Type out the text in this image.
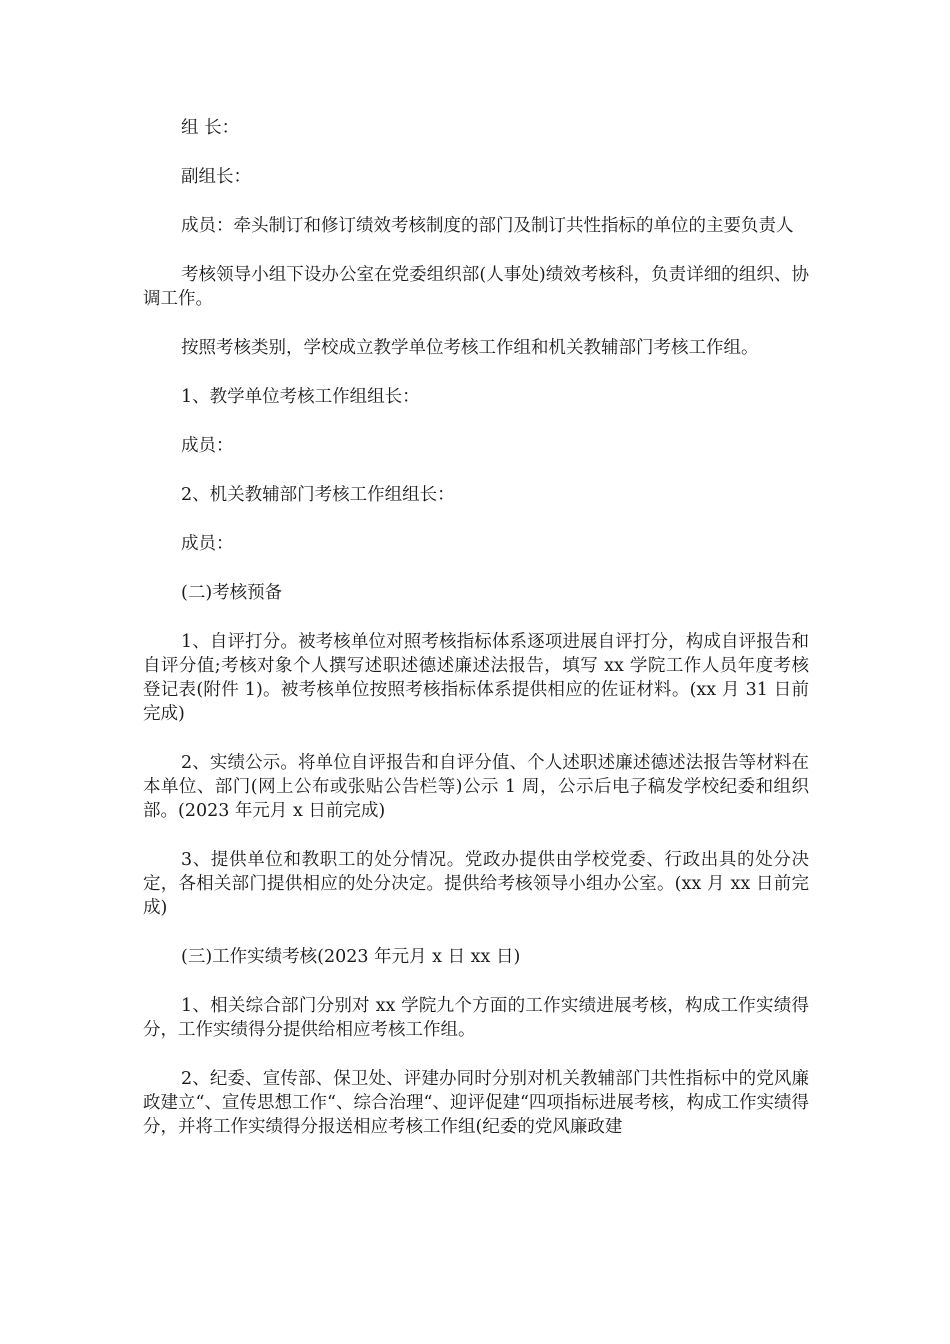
组 长：

副组长：

成员：牵头制订和修订绩效考核制度的部门及制订共性指标的单位的主要负责人

考核领导小组下设办公室在党委组织部(人事处)绩效考核科，负责详细的组织、协调工作。

按照考核类别，学校成立教学单位考核工作组和机关教辅部门考核工作组。

1、教学单位考核工作组组长：

成员：

2、机关教辅部门考核工作组组长：

成员：

(二)考核预备

1、自评打分。被考核单位对照考核指标体系逐项进展自评打分，构成自评报告和自评分值;考核对象个人撰写述职述德述廉述法报告，填写 xx 学院工作人员年度考核登记表(附件 1)。被考核单位按照考核指标体系提供相应的佐证材料。(xx 月 31 日前完成)

2、实绩公示。将单位自评报告和自评分值、个人述职述廉述德述法报告等材料在本单位、部门(网上公布或张贴公告栏等)公示 1 周，公示后电子稿发学校纪委和组织部。(2023 年元月 x 日前完成)

3、提供单位和教职工的处分情况。党政办提供由学校党委、行政出具的处分决定，各相关部门提供相应的处分决定。提供给考核领导小组办公室。(xx 月 xx 日前完成)

(三)工作实绩考核(2023 年元月 x 日 xx 日)

1、相关综合部门分别对 xx 学院九个方面的工作实绩进展考核，构成工作实绩得分，工作实绩得分提供给相应考核工作组。

2、纪委、宣传部、保卫处、评建办同时分别对机关教辅部门共性指标中的党风廉政建立“、宣传思想工作“、综合治理“、迎评促建“四项指标进展考核，构成工作实绩得分，并将工作实绩得分报送相应考核工作组(纪委的党风廉政建
